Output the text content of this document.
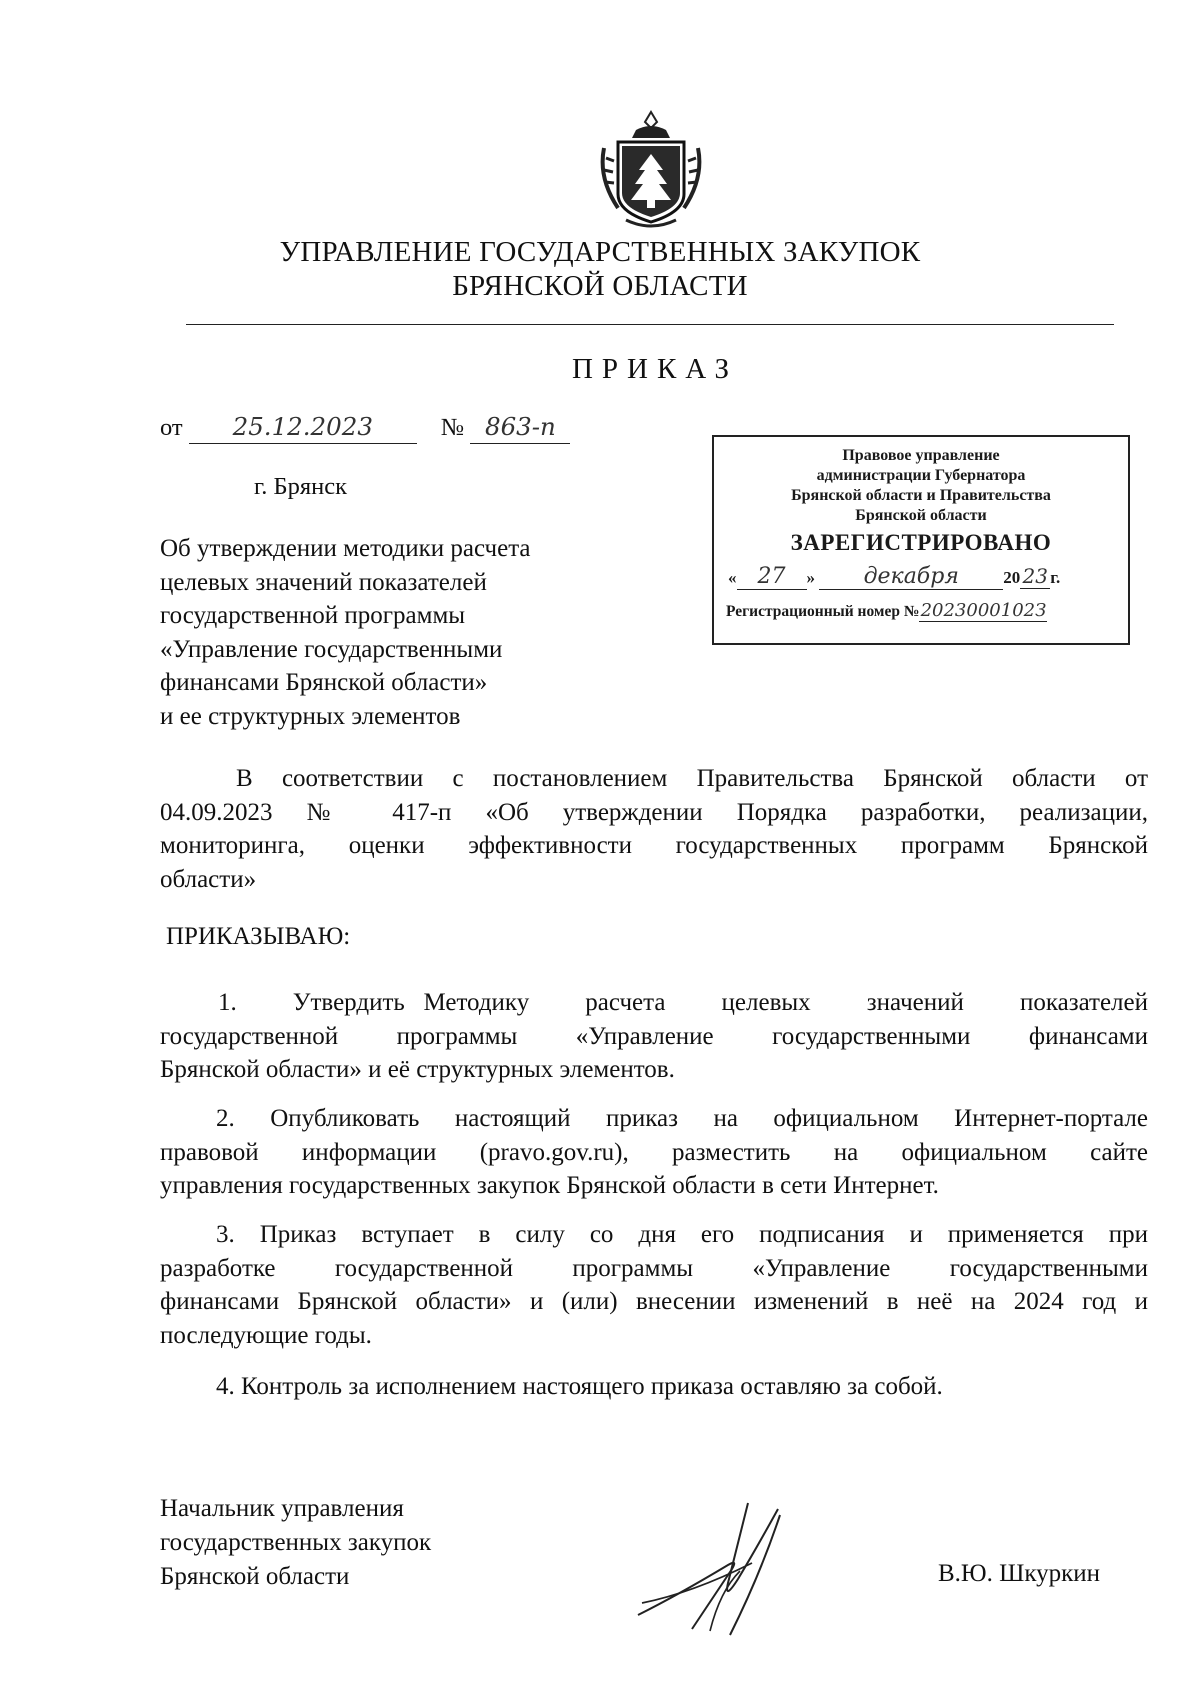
УПРАВЛЕНИЕ ГОСУДАРСТВЕННЫХ ЗАКУПОК
БРЯНСКОЙ ОБЛАСТИ
ПРИКАЗ
от 25.12.2023	№ 863-п
г. Брянск
Правовое управление
администрации Губернатора
Брянской области и Правительства
Брянской области
ЗАРЕГИСТРИРОВАНО
« 27 » декабря	20 23 г.
Регистрационный номер №2023000102З
Об утверждении методики расчета
целевых значений показателей
государственной программы
«Управление государственными
финансами Брянской области»
и ее структурных элементов
В соответствии с постановлением Правительства Брянской области от
04.09.2023 № 417-п «Об утверждении Порядка разработки, реализации,
мониторинга, оценки эффективности государственных программ Брянской
области»
ПРИКАЗЫВАЮ:
1.   Утвердить Методику   расчета   целевых   значений   показателей
государственной программы «Управление государственными финансами
Брянской области» и её структурных элементов.
2. Опубликовать настоящий приказ на официальном Интернет-портале
правовой информации (pravo.gov.ru), разместить на официальном сайте
управления государственных закупок Брянской области в сети Интернет.
3. Приказ вступает в силу со дня его подписания и применяется при
разработке государственной программы «Управление государственными
финансами Брянской области» и (или) внесении изменений в неё на 2024 год и
последующие годы.
4. Контроль за исполнением настоящего приказа оставляю за собой.
Начальник управления
государственных закупок
Брянской области	В.Ю. Шкуркин
